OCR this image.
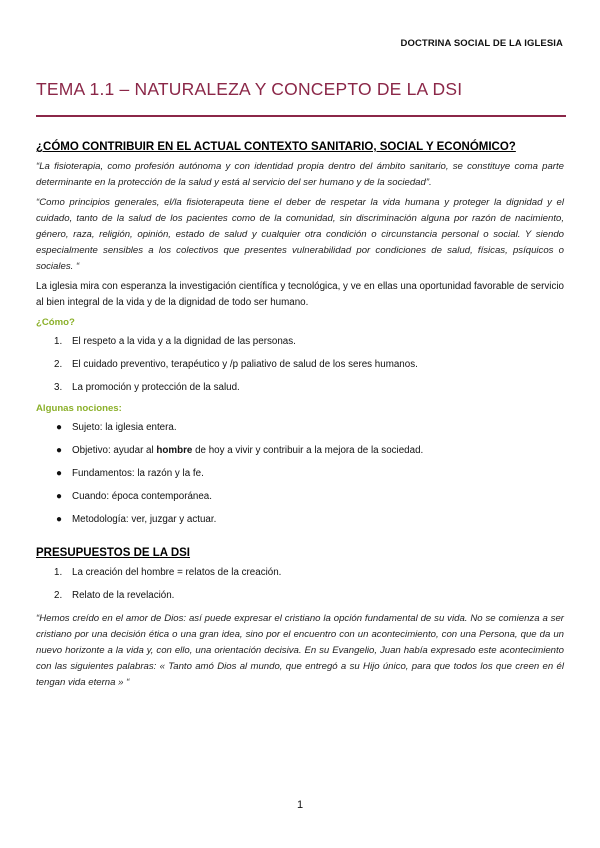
DOCTRINA SOCIAL DE LA IGLESIA
TEMA 1.1 – NATURALEZA Y CONCEPTO DE LA DSI
¿CÓMO CONTRIBUIR EN EL ACTUAL CONTEXTO SANITARIO, SOCIAL Y ECONÓMICO?

“La fisioterapia, como profesión autónoma y con identidad propia dentro del ámbito sanitario, se constituye coma parte determinante en la protección de la salud y está al servicio del ser humano y de la sociedad”.

“Como principios generales, el/la fisioterapeuta tiene el deber de respetar la vida humana y proteger la dignidad y el cuidado, tanto de la salud de los pacientes como de la comunidad, sin discriminación alguna por razón de nacimiento, género, raza, religión, opinión, estado de salud y cualquier otra condición o circunstancia personal o social. Y siendo especialmente sensibles a los colectivos que presentes vulnerabilidad por condiciones de salud, físicas, psíquicos o sociales. “

La iglesia mira con esperanza la investigación científica y tecnológica, y ve en ellas una oportunidad favorable de servicio al bien integral de la vida y de la dignidad de todo ser humano.

¿Cómo?
1. El respeto a la vida y a la dignidad de las personas.
2. El cuidado preventivo, terapéutico y /p paliativo de salud de los seres humanos.
3. La promoción y protección de la salud.
Algunas nociones:
● Sujeto: la iglesia entera.
● Objetivo: ayudar al hombre de hoy a vivir y contribuir a la mejora de la sociedad.
● Fundamentos: la razón y la fe.
● Cuando: época contemporánea.
● Metodología: ver, juzgar y actuar.
PRESUPUESTOS DE LA DSI
1. La creación del hombre = relatos de la creación.
2. Relato de la revelación.

“Hemos creído en el amor de Dios: así puede expresar el cristiano la opción fundamental de su vida. No se comienza a ser cristiano por una decisión ética o una gran idea, sino por el encuentro con un acontecimiento, con una Persona, que da un nuevo horizonte a la vida y, con ello, una orientación decisiva. En su Evangelio, Juan había expresado este acontecimiento con las siguientes palabras: « Tanto amó Dios al mundo, que entregó a su Hijo único, para que todos los que creen en él tengan vida eterna » “

1
